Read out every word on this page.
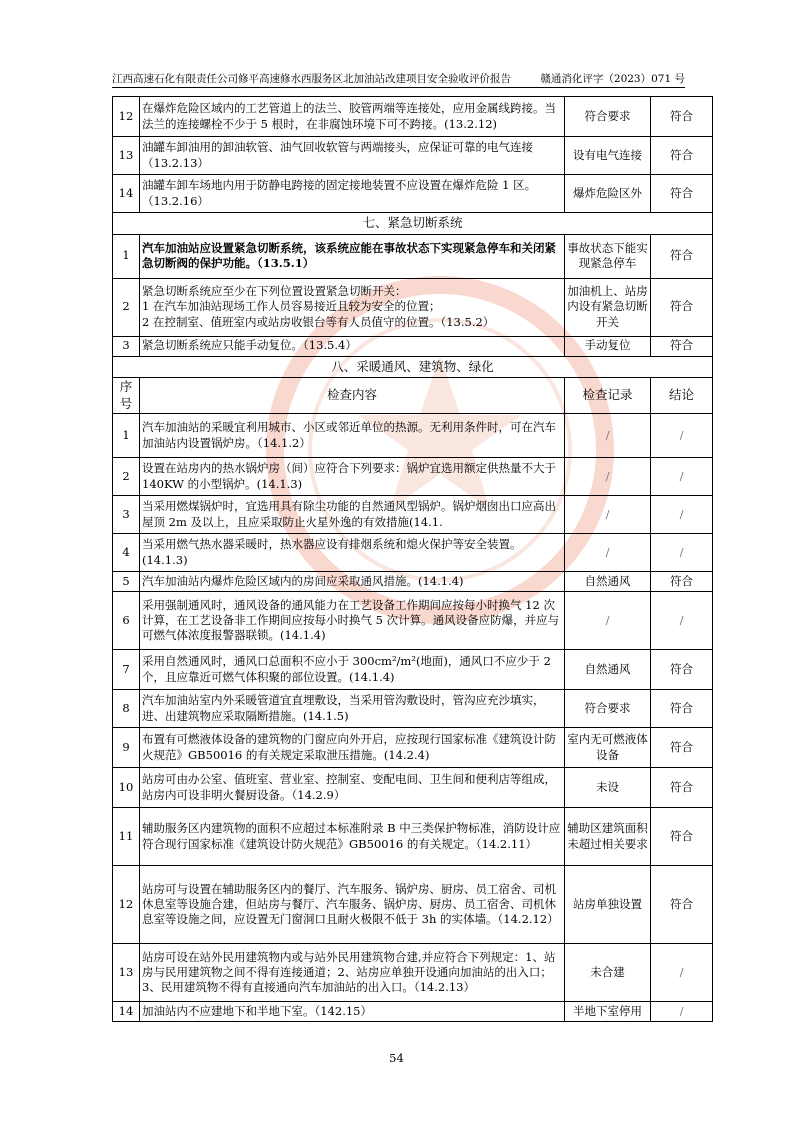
江西高速石化有限责任公司修平高速修水西服务区北加油站改建项目安全验收评价报告	赣通消化评字（2023）071 号
12	在爆炸危险区域内的工艺管道上的法兰、胶管两端等连接处，应用金属线跨接。当法兰的连接螺栓不少于 5 根时，在非腐蚀环境下可不跨接。(13.2.12)	符合要求	符合
13	油罐车卸油用的卸油软管、油气回收软管与两端接头，应保证可靠的电气连接（13.2.13）	设有电气连接	符合
14	油罐车卸车场地内用于防静电跨接的固定接地装置不应设置在爆炸危险 1 区。（13.2.16）	爆炸危险区外	符合
七、紧急切断系统			
1	汽车加油站应设置紧急切断系统，该系统应能在事故状态下实现紧急停车和关闭紧急切断阀的保护功能。（13.5.1）	事故状态下能实现紧急停车	符合
2	紧急切断系统应至少在下列位置设置紧急切断开关：
1 在汽车加油站现场工作人员容易接近且较为安全的位置；
2 在控制室、值班室内或站房收银台等有人员值守的位置。（13.5.2）	加油机上、站房内设有紧急切断开关	符合
3	紧急切断系统应只能手动复位。（13.5.4）	手动复位	符合
八、采暖通风、建筑物、绿化			
序号	检查内容	检查记录	结论
1	汽车加油站的采暖宜利用城市、小区或邻近单位的热源。无利用条件时，可在汽车加油站内设置锅炉房。（14.1.2）	/	/
2	设置在站房内的热水锅炉房（间）应符合下列要求：锅炉宜选用额定供热量不大于 140KW 的小型锅炉。(14.1.3)	/	/
3	当采用燃煤锅炉时，宜选用具有除尘功能的自然通风型锅炉。锅炉烟囱出口应高出屋顶 2m 及以上，且应采取防止火星外逸的有效措施(14.1.	/	/
4	当采用燃气热水器采暖时，热水器应设有排烟系统和熄火保护等安全装置。(14.1.3)	/	/
5	汽车加油站内爆炸危险区域内的房间应采取通风措施。(14.1.4)	自然通风	符合
6	采用强制通风时，通风设备的通风能力在工艺设备工作期间应按每小时换气 12 次计算，在工艺设备非工作期间应按每小时换气 5 次计算。通风设备应防爆，并应与可燃气体浓度报警器联锁。(14.1.4)	/	/
7	采用自然通风时，通风口总面积不应小于 300cm²/m²(地面)，通风口不应少于 2 个，且应靠近可燃气体积聚的部位设置。(14.1.4)	自然通风	符合
8	汽车加油站室内外采暖管道宜直埋敷设，当采用管沟敷设时，管沟应充沙填实，进、出建筑物应采取隔断措施。(14.1.5)	符合要求	符合
9	布置有可燃液体设备的建筑物的门窗应向外开启，应按现行国家标准《建筑设计防火规范》GB50016 的有关规定采取泄压措施。(14.2.4)	室内无可燃液体设备	符合
10	站房可由办公室、值班室、营业室、控制室、变配电间、卫生间和便利店等组成，站房内可设非明火餐厨设备。（14.2.9）	未设	符合
11	辅助服务区内建筑物的面积不应超过本标准附录 B 中三类保护物标准，消防设计应符合现行国家标准《建筑设计防火规范》GB50016 的有关规定。（14.2.11）	辅助区建筑面积未超过相关要求	符合
12	站房可与设置在辅助服务区内的餐厅、汽车服务、锅炉房、厨房、员工宿舍、司机休息室等设施合建，但站房与餐厅、汽车服务、锅炉房、厨房、员工宿舍、司机休息室等设施之间，应设置无门窗洞口且耐火极限不低于 3h 的实体墙。（14.2.12）	站房单独设置	符合
13	站房可设在站外民用建筑物内或与站外民用建筑物合建,并应符合下列规定：1、站房与民用建筑物之间不得有连接通道；2、站房应单独开设通向加油站的出入口；3、民用建筑物不得有直接通向汽车加油站的出入口。（14.2.13）	未合建	/
14	加油站内不应建地下和半地下室。（142.15）	半地下室停用	/
54
